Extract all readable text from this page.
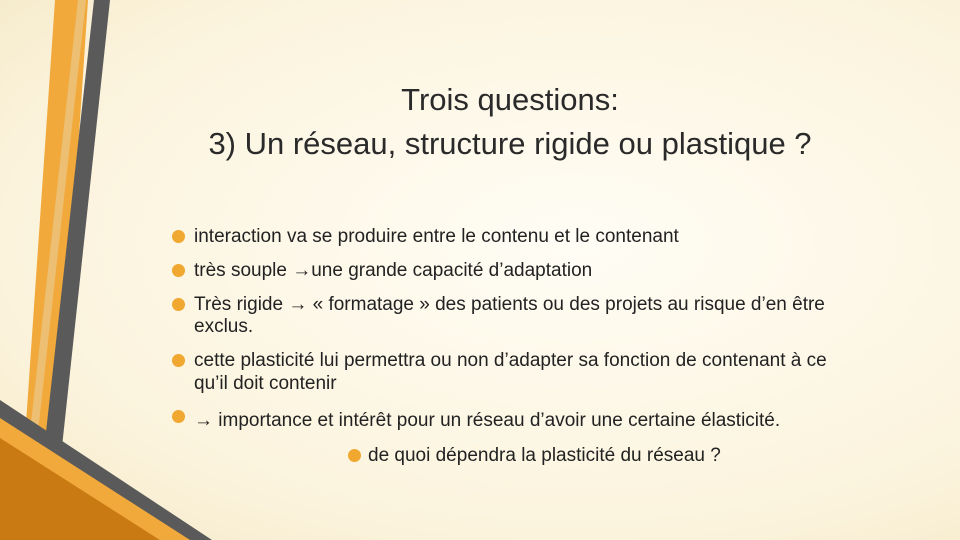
Trois questions:
3) Un réseau, structure rigide ou plastique ?
interaction va se produire entre le contenu et le contenant
très souple →une grande capacité d’adaptation
Très rigide → « formatage » des patients ou des projets au risque d’en être
exclus.
cette plasticité lui permettra ou non d’adapter sa fonction de contenant à ce
qu’il doit contenir
→ importance et intérêt pour un réseau d’avoir une certaine élasticité.
de quoi dépendra la plasticité du réseau ?
